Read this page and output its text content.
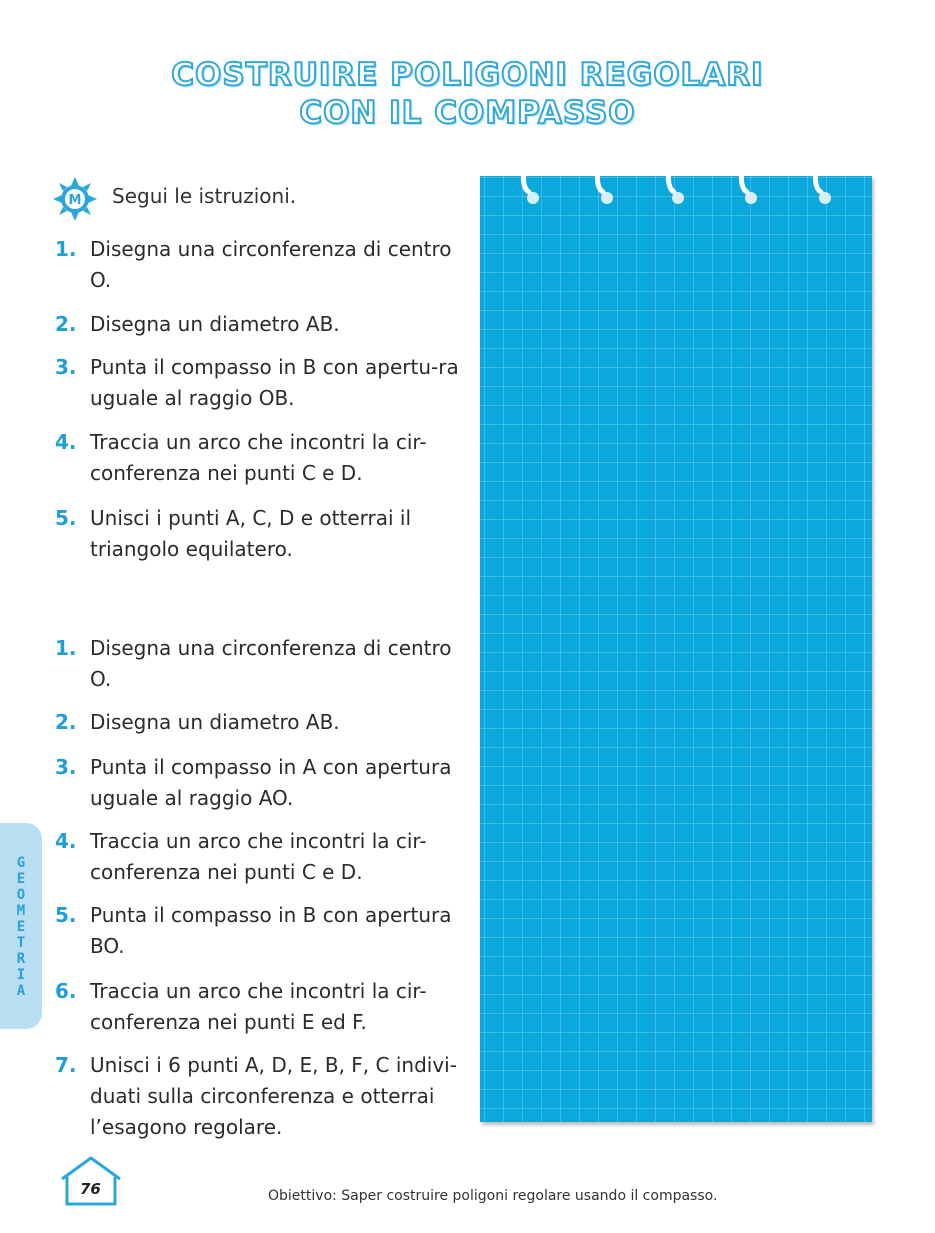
COSTRUIRE POLIGONI REGOLARI
CON IL COMPASSO
M Segui le istruzioni.
1. Disegna una circonferenza di centro O.
2. Disegna un diametro AB.
3. Punta il compasso in B con apertu-ra uguale al raggio OB.
4. Traccia un arco che incontri la cir-conferenza nei punti C e D.
5. Unisci i punti A, C, D e otterrai il triangolo equilatero.
1. Disegna una circonferenza di centro O.
2. Disegna un diametro AB.
3. Punta il compasso in A con apertura uguale al raggio AO.
4. Traccia un arco che incontri la cir-conferenza nei punti C e D.
5. Punta il compasso in B con apertura BO.
6. Traccia un arco che incontri la cir-conferenza nei punti E ed F.
7. Unisci i 6 punti A, D, E, B, F, C indivi-duati sulla circonferenza e otterrai l’esagono regolare.
G
E
O
M
E
T
R
I
A
76	Obiettivo: Saper costruire poligoni regolare usando il compasso.
